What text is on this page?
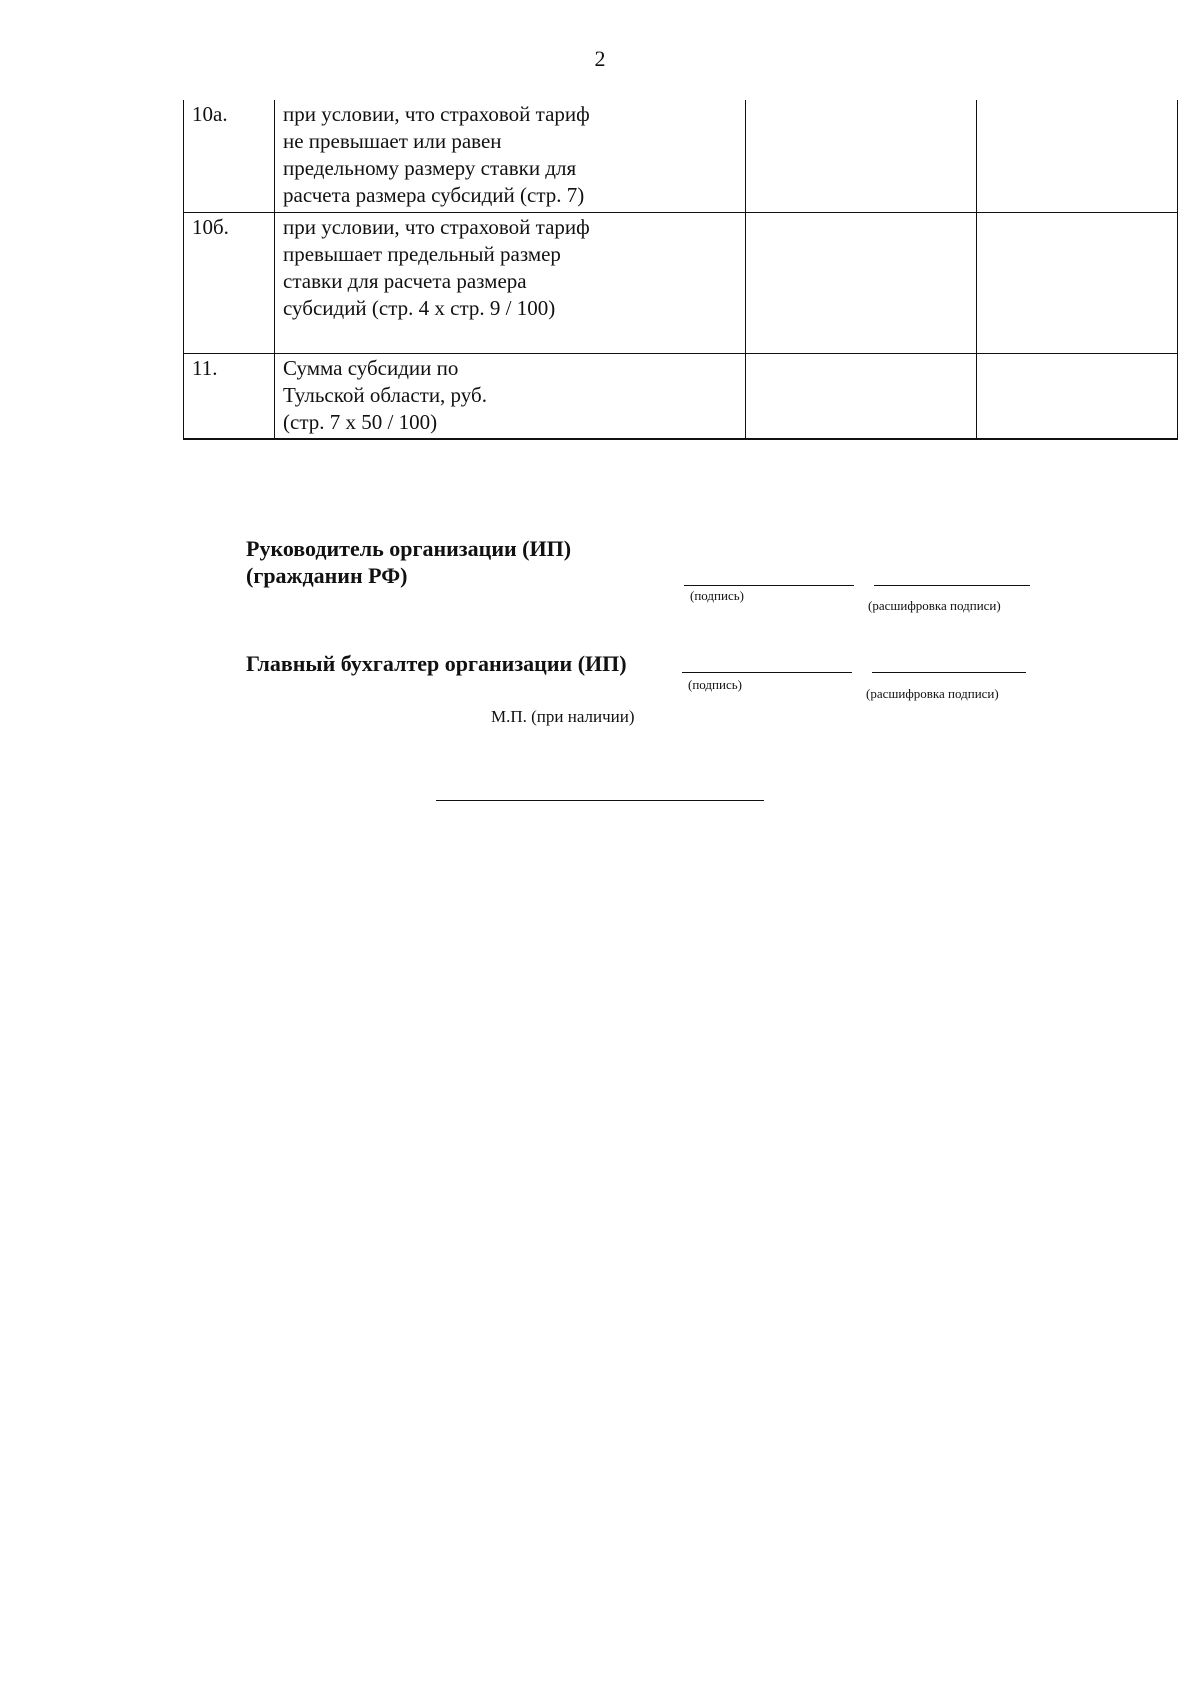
2
10а.	при условии, что страховой тариф
не превышает или равен
предельному размеру ставки для
расчета размера субсидий (стр. 7)		

10б.	при условии, что страховой тариф
превышает предельный размер
ставки для расчета размера
субсидий (стр. 4 х стр. 9 / 100)		

11.	Сумма субсидии по
Тульской области, руб.
(стр. 7 х 50 / 100)		

Руководитель организации (ИП)
(гражданин РФ)
(подпись)
(расшифровка подписи)
Главный бухгалтер организации (ИП)
(подпись)
(расшифровка подписи)
М.П. (при наличии)
